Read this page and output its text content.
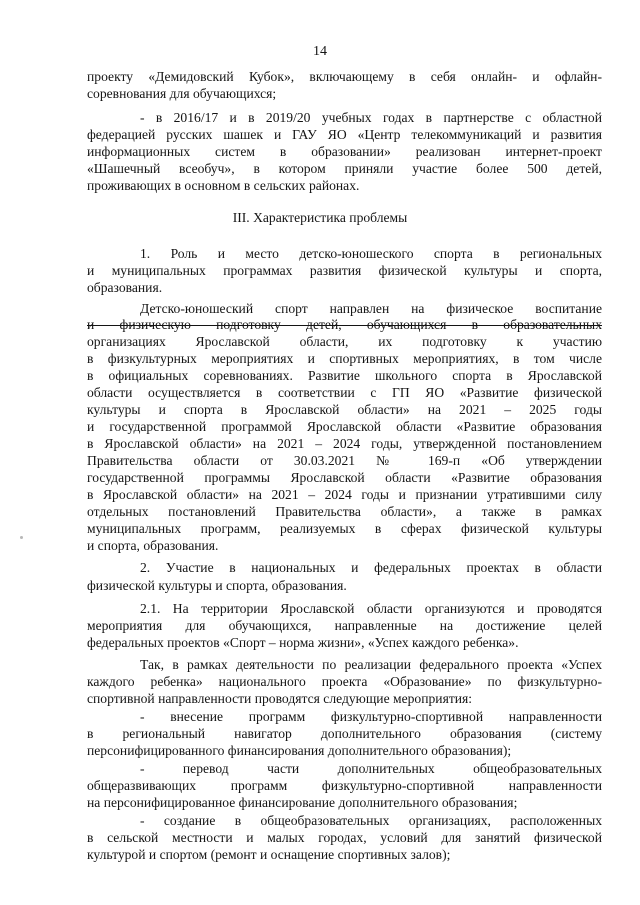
14
проекту «Демидовский Кубок», включающему в себя онлайн- и офлайн-
соревнования для обучающихся;
- в 2016/17 и в 2019/20 учебных годах в партнерстве с областной
федерацией русских шашек и ГАУ ЯО «Центр телекоммуникаций и развития
информационных систем в образовании» реализован интернет-проект
«Шашечный всеобуч», в котором приняли участие более 500 детей,
проживающих в основном в сельских районах.
III. Характеристика проблемы
1. Роль и место детско-юношеского спорта в региональных
и муниципальных программах развития физической культуры и спорта,
образования.
Детско-юношеский спорт направлен на физическое воспитание
и физическую подготовку детей, обучающихся в образовательных
организациях Ярославской области, их подготовку к участию
в физкультурных мероприятиях и спортивных мероприятиях, в том числе
в официальных соревнованиях. Развитие школьного спорта в Ярославской
области осуществляется в соответствии с ГП ЯО «Развитие физической
культуры и спорта в Ярославской области» на 2021 – 2025 годы
и государственной программой Ярославской области «Развитие образования
в Ярославской области» на 2021 – 2024 годы, утвержденной постановлением
Правительства области от 30.03.2021 № 169-п «Об утверждении
государственной программы Ярославской области «Развитие образования
в Ярославской области» на 2021 – 2024 годы и признании утратившими силу
отдельных постановлений Правительства области», а также в рамках
муниципальных программ, реализуемых в сферах физической культуры
и спорта, образования.
2. Участие в национальных и федеральных проектах в области
физической культуры и спорта, образования.
2.1. На территории Ярославской области организуются и проводятся
мероприятия для обучающихся, направленные на достижение целей
федеральных проектов «Спорт – норма жизни», «Успех каждого ребенка».
Так, в рамках деятельности по реализации федерального проекта «Успех
каждого ребенка» национального проекта «Образование» по физкультурно-
спортивной направленности проводятся следующие мероприятия:
- внесение программ физкультурно-спортивной направленности
в региональный навигатор дополнительного образования (систему
персонифицированного финансирования дополнительного образования);
- перевод части дополнительных общеобразовательных
общеразвивающих программ физкультурно-спортивной направленности
на персонифицированное финансирование дополнительного образования;
- создание в общеобразовательных организациях, расположенных
в сельской местности и малых городах, условий для занятий физической
культурой и спортом (ремонт и оснащение спортивных залов);
